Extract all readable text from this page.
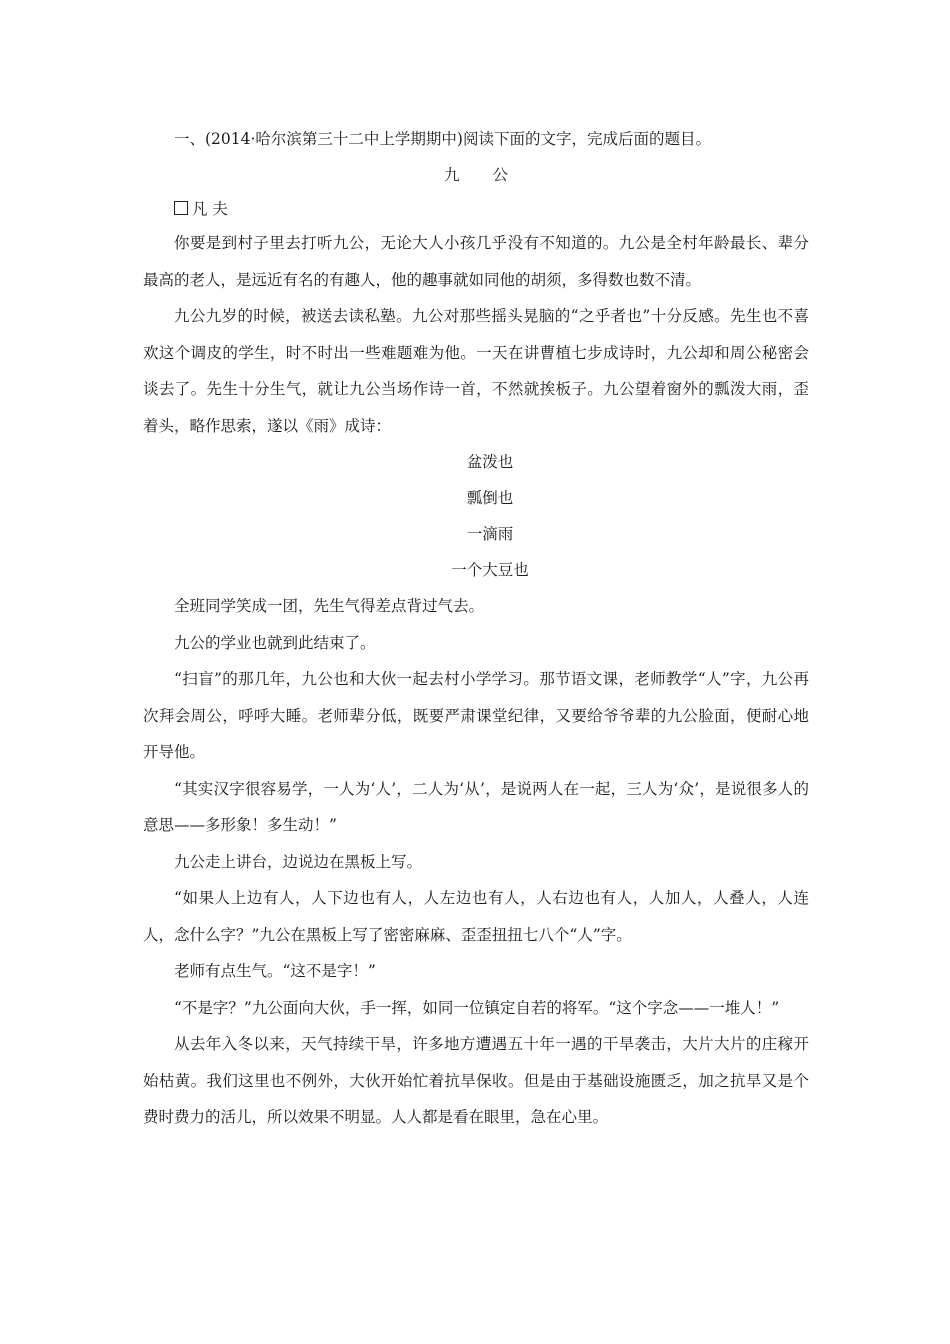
一、(2014·哈尔滨第三十二中上学期期中)阅读下面的文字，完成后面的题目。
九 公
凡 夫

你要是到村子里去打听九公，无论大人小孩几乎没有不知道的。九公是全村年龄最长、辈分最高的老人，是远近有名的有趣人，他的趣事就如同他的胡须，多得数也数不清。

九公九岁的时候，被送去读私塾。九公对那些摇头晃脑的“之乎者也”十分反感。先生也不喜欢这个调皮的学生，时不时出一些难题难为他。一天在讲曹植七步成诗时，九公却和周公秘密会谈去了。先生十分生气，就让九公当场作诗一首，不然就挨板子。九公望着窗外的瓢泼大雨，歪着头，略作思索，遂以《雨》成诗：

盆泼也

瓢倒也

一滴雨

一个大豆也

全班同学笑成一团，先生气得差点背过气去。

九公的学业也就到此结束了。

“扫盲”的那几年，九公也和大伙一起去村小学学习。那节语文课，老师教学“人”字，九公再次拜会周公，呼呼大睡。老师辈分低，既要严肃课堂纪律，又要给爷爷辈的九公脸面，便耐心地开导他。

“其实汉字很容易学，一人为‘人’，二人为‘从’，是说两人在一起，三人为‘众’，是说很多人的意思——多形象！多生动！”

九公走上讲台，边说边在黑板上写。

“如果人上边有人，人下边也有人，人左边也有人，人右边也有人，人加人，人叠人，人连人，念什么字？”九公在黑板上写了密密麻麻、歪歪扭扭七八个“人”字。

老师有点生气。“这不是字！”

“不是字？”九公面向大伙，手一挥，如同一位镇定自若的将军。“这个字念——一堆人！”

从去年入冬以来，天气持续干旱，许多地方遭遇五十年一遇的干旱袭击，大片大片的庄稼开始枯黄。我们这里也不例外，大伙开始忙着抗旱保收。但是由于基础设施匮乏，加之抗旱又是个费时费力的活儿，所以效果不明显。人人都是看在眼里，急在心里。
